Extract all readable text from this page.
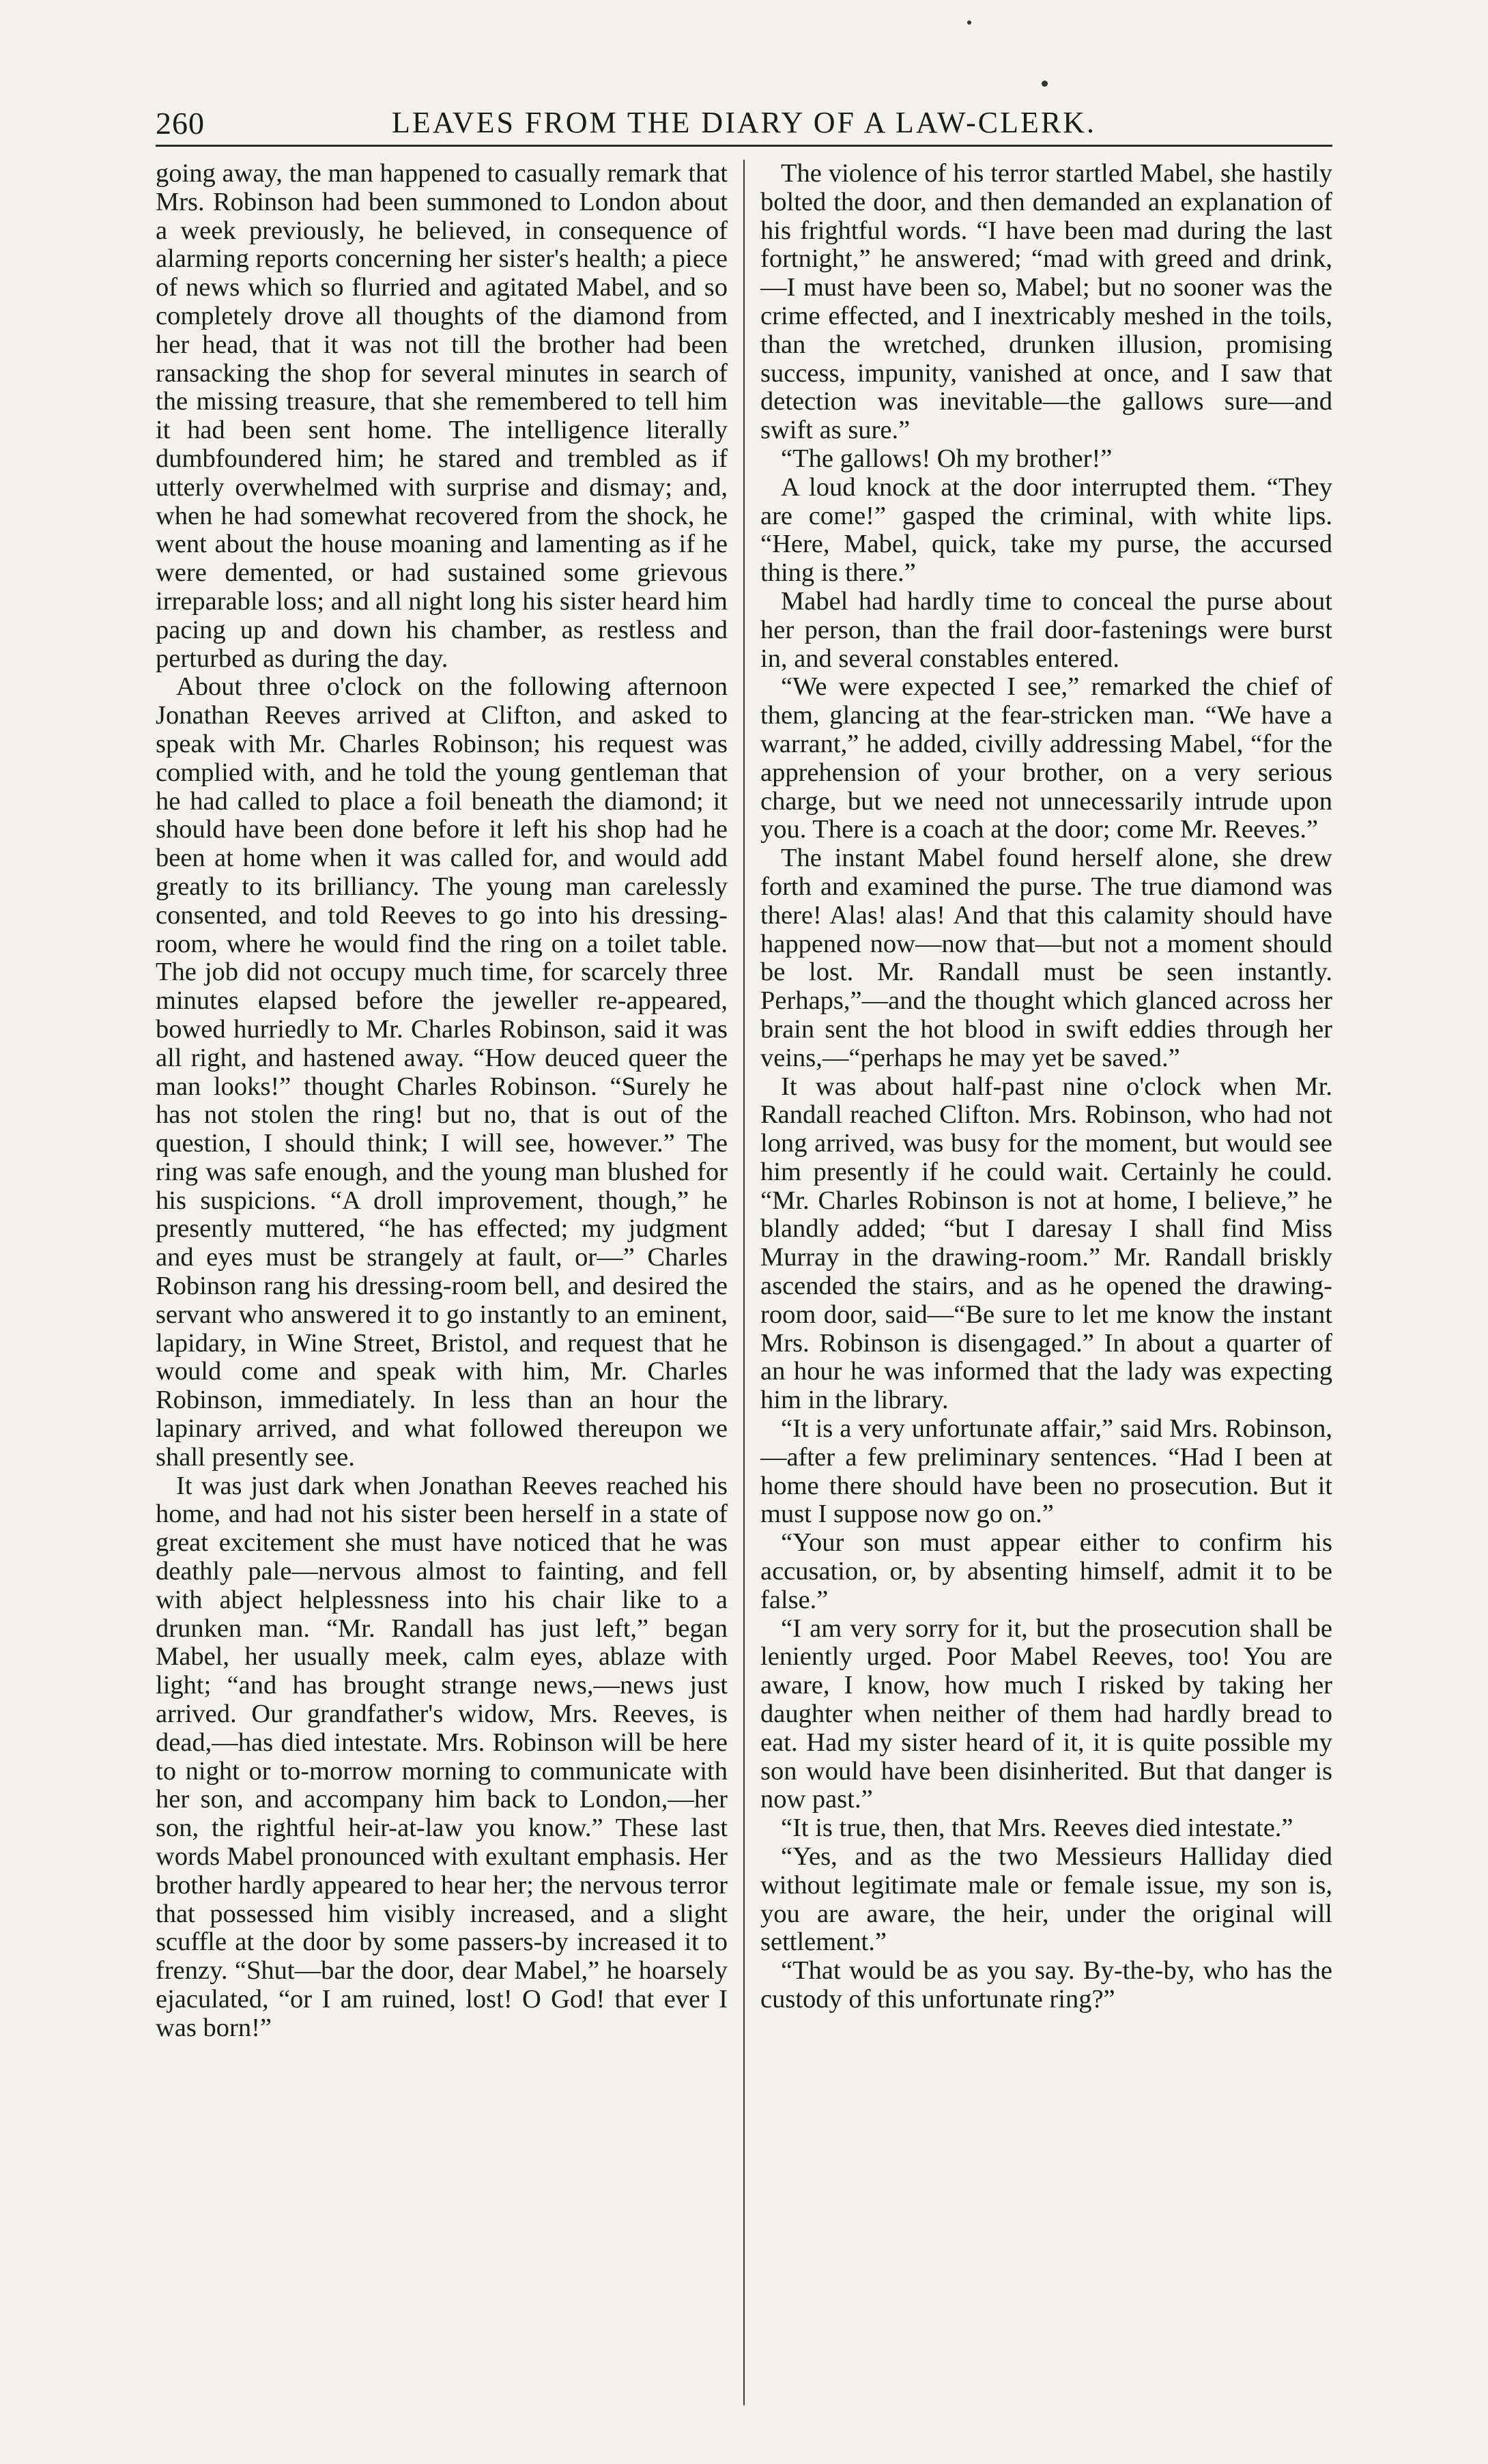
260	LEAVES FROM THE DIARY OF A LAW-CLERK.

going away, the man happened to casually remark that Mrs. Robinson had been summoned to London about a week previously, he believed, in consequence of alarming reports concerning her sister's health; a piece of news which so flurried and agitated Mabel, and so completely drove all thoughts of the diamond from her head, that it was not till the brother had been ransacking the shop for several minutes in search of the missing treasure, that she remembered to tell him it had been sent home. The intelligence literally dumbfoundered him; he stared and trembled as if utterly overwhelmed with surprise and dismay; and, when he had somewhat recovered from the shock, he went about the house moaning and lamenting as if he were demented, or had sustained some grievous irreparable loss; and all night long his sister heard him pacing up and down his chamber, as restless and perturbed as during the day.

About three o'clock on the following afternoon Jonathan Reeves arrived at Clifton, and asked to speak with Mr. Charles Robinson; his request was complied with, and he told the young gentleman that he had called to place a foil beneath the diamond; it should have been done before it left his shop had he been at home when it was called for, and would add greatly to its brilliancy. The young man carelessly consented, and told Reeves to go into his dressing-room, where he would find the ring on a toilet table. The job did not occupy much time, for scarcely three minutes elapsed before the jeweller re-appeared, bowed hurriedly to Mr. Charles Robinson, said it was all right, and hastened away. “How deuced queer the man looks!” thought Charles Robinson. “Surely he has not stolen the ring! but no, that is out of the question, I should think; I will see, however.” The ring was safe enough, and the young man blushed for his suspicions. “A droll improvement, though,” he presently muttered, “he has effected; my judgment and eyes must be strangely at fault, or—” Charles Robinson rang his dressing-room bell, and desired the servant who answered it to go instantly to an eminent, lapidary, in Wine Street, Bristol, and request that he would come and speak with him, Mr. Charles Robinson, immediately. In less than an hour the lapinary arrived, and what followed thereupon we shall presently see.

It was just dark when Jonathan Reeves reached his home, and had not his sister been herself in a state of great excitement she must have noticed that he was deathly pale—nervous almost to fainting, and fell with abject helplessness into his chair like to a drunken man. “Mr. Randall has just left,” began Mabel, her usually meek, calm eyes, ablaze with light; “and has brought strange news,—news just arrived. Our grandfather's widow, Mrs. Reeves, is dead,—has died intestate. Mrs. Robinson will be here to night or to-morrow morning to communicate with her son, and accompany him back to London,—her son, the rightful heir-at-law you know.” These last words Mabel pronounced with exultant emphasis. Her brother hardly appeared to hear her; the nervous terror that possessed him visibly increased, and a slight scuffle at the door by some passers-by increased it to frenzy. “Shut—bar the door, dear Mabel,” he hoarsely ejaculated, “or I am ruined, lost! O God! that ever I was born!”

The violence of his terror startled Mabel, she hastily bolted the door, and then demanded an explanation of his frightful words. “I have been mad during the last fortnight,” he answered; “mad with greed and drink,—I must have been so, Mabel; but no sooner was the crime effected, and I inextricably meshed in the toils, than the wretched, drunken illusion, promising success, impunity, vanished at once, and I saw that detection was inevitable—the gallows sure—and swift as sure.”

“The gallows! Oh my brother!”

A loud knock at the door interrupted them. “They are come!” gasped the criminal, with white lips. “Here, Mabel, quick, take my purse, the accursed thing is there.”

Mabel had hardly time to conceal the purse about her person, than the frail door-fastenings were burst in, and several constables entered.

“We were expected I see,” remarked the chief of them, glancing at the fear-stricken man. “We have a warrant,” he added, civilly addressing Mabel, “for the apprehension of your brother, on a very serious charge, but we need not unnecessarily intrude upon you. There is a coach at the door; come Mr. Reeves.”

The instant Mabel found herself alone, she drew forth and examined the purse. The true diamond was there! Alas! alas! And that this calamity should have happened now—now that—but not a moment should be lost. Mr. Randall must be seen instantly. Perhaps,”—and the thought which glanced across her brain sent the hot blood in swift eddies through her veins,—“perhaps he may yet be saved.”

It was about half-past nine o'clock when Mr. Randall reached Clifton. Mrs. Robinson, who had not long arrived, was busy for the moment, but would see him presently if he could wait. Certainly he could. “Mr. Charles Robinson is not at home, I believe,” he blandly added; “but I daresay I shall find Miss Murray in the drawing-room.” Mr. Randall briskly ascended the stairs, and as he opened the drawing-room door, said—“Be sure to let me know the instant Mrs. Robinson is disengaged.” In about a quarter of an hour he was informed that the lady was expecting him in the library.

“It is a very unfortunate affair,” said Mrs. Robinson,—after a few preliminary sentences. “Had I been at home there should have been no prosecution. But it must I suppose now go on.”

“Your son must appear either to confirm his accusation, or, by absenting himself, admit it to be false.”

“I am very sorry for it, but the prosecution shall be leniently urged. Poor Mabel Reeves, too! You are aware, I know, how much I risked by taking her daughter when neither of them had hardly bread to eat. Had my sister heard of it, it is quite possible my son would have been disinherited. But that danger is now past.”

“It is true, then, that Mrs. Reeves died intestate.”

“Yes, and as the two Messieurs Halliday died without legitimate male or female issue, my son is, you are aware, the heir, under the original will settlement.”

“That would be as you say. By-the-by, who has the custody of this unfortunate ring?”
